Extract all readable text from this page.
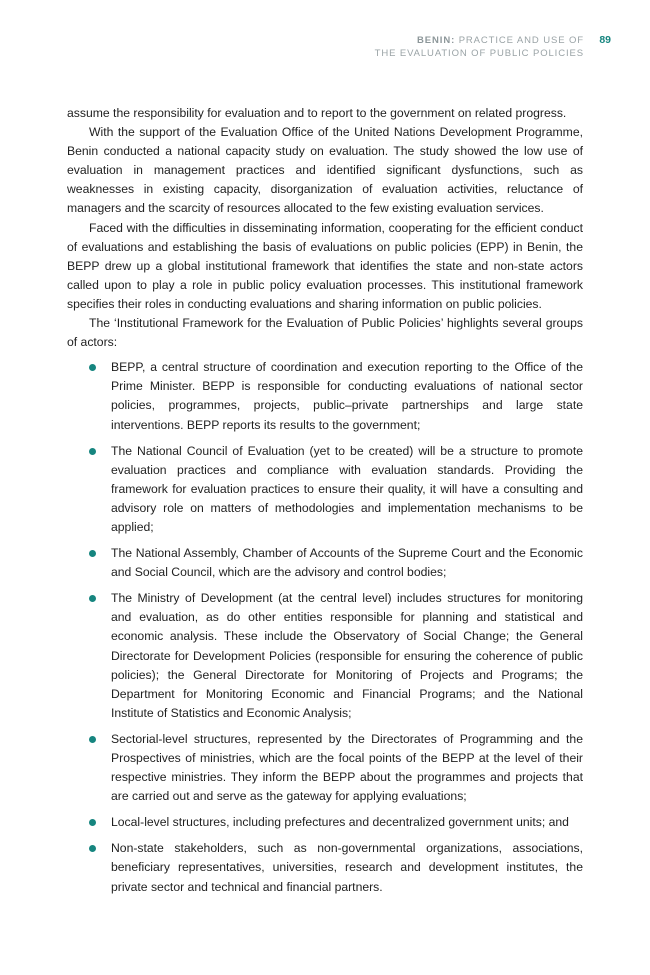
BENIN: PRACTICE AND USE OF
THE EVALUATION OF PUBLIC POLICIES
89

assume the responsibility for evaluation and to report to the government on related progress.

With the support of the Evaluation Office of the United Nations Development Programme, Benin conducted a national capacity study on evaluation. The study showed the low use of evaluation in management practices and identified significant dysfunctions, such as weaknesses in existing capacity, disorganization of evaluation activities, reluctance of managers and the scarcity of resources allocated to the few existing evaluation services.

Faced with the difficulties in disseminating information, cooperating for the efficient conduct of evaluations and establishing the basis of evaluations on public policies (EPP) in Benin, the BEPP drew up a global institutional framework that identifies the state and non-state actors called upon to play a role in public policy evaluation processes. This institutional framework specifies their roles in conducting evaluations and sharing information on public policies.

The ‘Institutional Framework for the Evaluation of Public Policies’ highlights several groups of actors:

BEPP, a central structure of coordination and execution reporting to the Office of the Prime Minister. BEPP is responsible for conducting evaluations of national sector policies, programmes, projects, public–private partnerships and large state interventions. BEPP reports its results to the government;
The National Council of Evaluation (yet to be created) will be a structure to promote evaluation practices and compliance with evaluation standards. Providing the framework for evaluation practices to ensure their quality, it will have a consulting and advisory role on matters of methodologies and implementation mechanisms to be applied;
The National Assembly, Chamber of Accounts of the Supreme Court and the Economic and Social Council, which are the advisory and control bodies;
The Ministry of Development (at the central level) includes structures for monitoring and evaluation, as do other entities responsible for planning and statistical and economic analysis. These include the Observatory of Social Change; the General Directorate for Development Policies (responsible for ensuring the coherence of public policies); the General Directorate for Monitoring of Projects and Programs; the Department for Monitoring Economic and Financial Programs; and the National Institute of Statistics and Economic Analysis;
Sectorial-level structures, represented by the Directorates of Programming and the Prospectives of ministries, which are the focal points of the BEPP at the level of their respective ministries. They inform the BEPP about the programmes and projects that are carried out and serve as the gateway for applying evaluations;
Local-level structures, including prefectures and decentralized government units; and
Non-state stakeholders, such as non-governmental organizations, associations, beneficiary representatives, universities, research and development institutes, the private sector and technical and financial partners.
